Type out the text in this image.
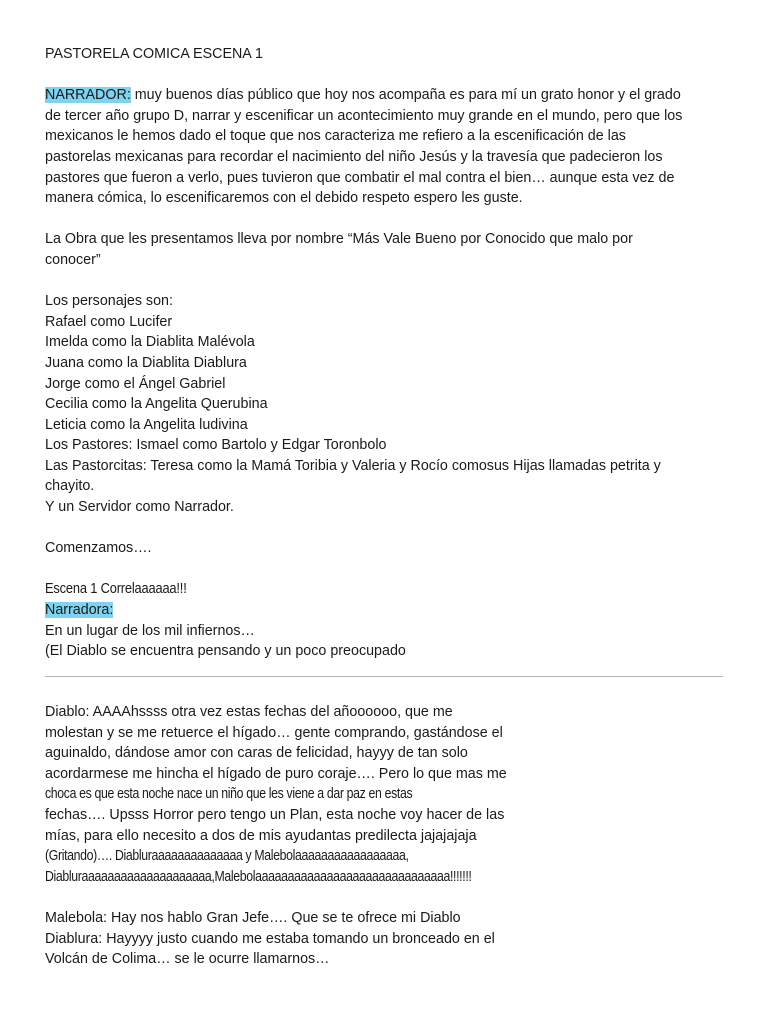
PASTORELA COMICA ESCENA 1

NARRADOR: muy buenos días público que hoy nos acompaña es para mí un grato honor y el grado

de tercer año grupo D, narrar y escenificar un acontecimiento muy grande en el mundo, pero que los

mexicanos le hemos dado el toque que nos caracteriza me refiero a la escenificación de las

pastorelas mexicanas para recordar el nacimiento del niño Jesús y la travesía que padecieron los

pastores que fueron a verlo, pues tuvieron que combatir el mal contra el bien… aunque esta vez de

manera cómica, lo escenificaremos con el debido respeto espero les guste.

La Obra que les presentamos lleva por nombre “Más Vale Bueno por Conocido que malo por

conocer”

Los personajes son:

Rafael como Lucifer

Imelda como la Diablita Malévola

Juana como la Diablita Diablura

Jorge como el Ángel Gabriel

Cecilia como la Angelita Querubina

Leticia como la Angelita ludivina

Los Pastores: Ismael como Bartolo y Edgar Toronbolo

Las Pastorcitas: Teresa como la Mamá Toribia y Valeria y Rocío comosus Hijas llamadas petrita y

chayito.

Y un Servidor como Narrador.

Comenzamos….

Escena 1 Correlaaaaaa!!!

Narradora:

En un lugar de los mil infiernos…

(El Diablo se encuentra pensando y un poco preocupado

Diablo: AAAAhssss otra vez estas fechas del añoooooo, que me

molestan y se me retuerce el hígado… gente comprando, gastándose el

aguinaldo, dándose amor con caras de felicidad, hayyy de tan solo

acordarmese me hincha el hígado de puro coraje…. Pero lo que mas me

choca es que esta noche nace un niño que les viene a dar paz en estas

fechas…. Upsss Horror pero tengo un Plan, esta noche voy hacer de las

mías, para ello necesito a dos de mis ayudantas predilecta jajajajaja

(Gritando)…. Diabluraaaaaaaaaaaaaa y Malebolaaaaaaaaaaaaaaaaa,

Diabluraaaaaaaaaaaaaaaaaaaa,Malebolaaaaaaaaaaaaaaaaaaaaaaaaaaaaaa!!!!!!!

Malebola: Hay nos hablo Gran Jefe…. Que se te ofrece mi Diablo

Diablura: Hayyyy justo cuando me estaba tomando un bronceado en el

Volcán de Colima… se le ocurre llamarnos…
